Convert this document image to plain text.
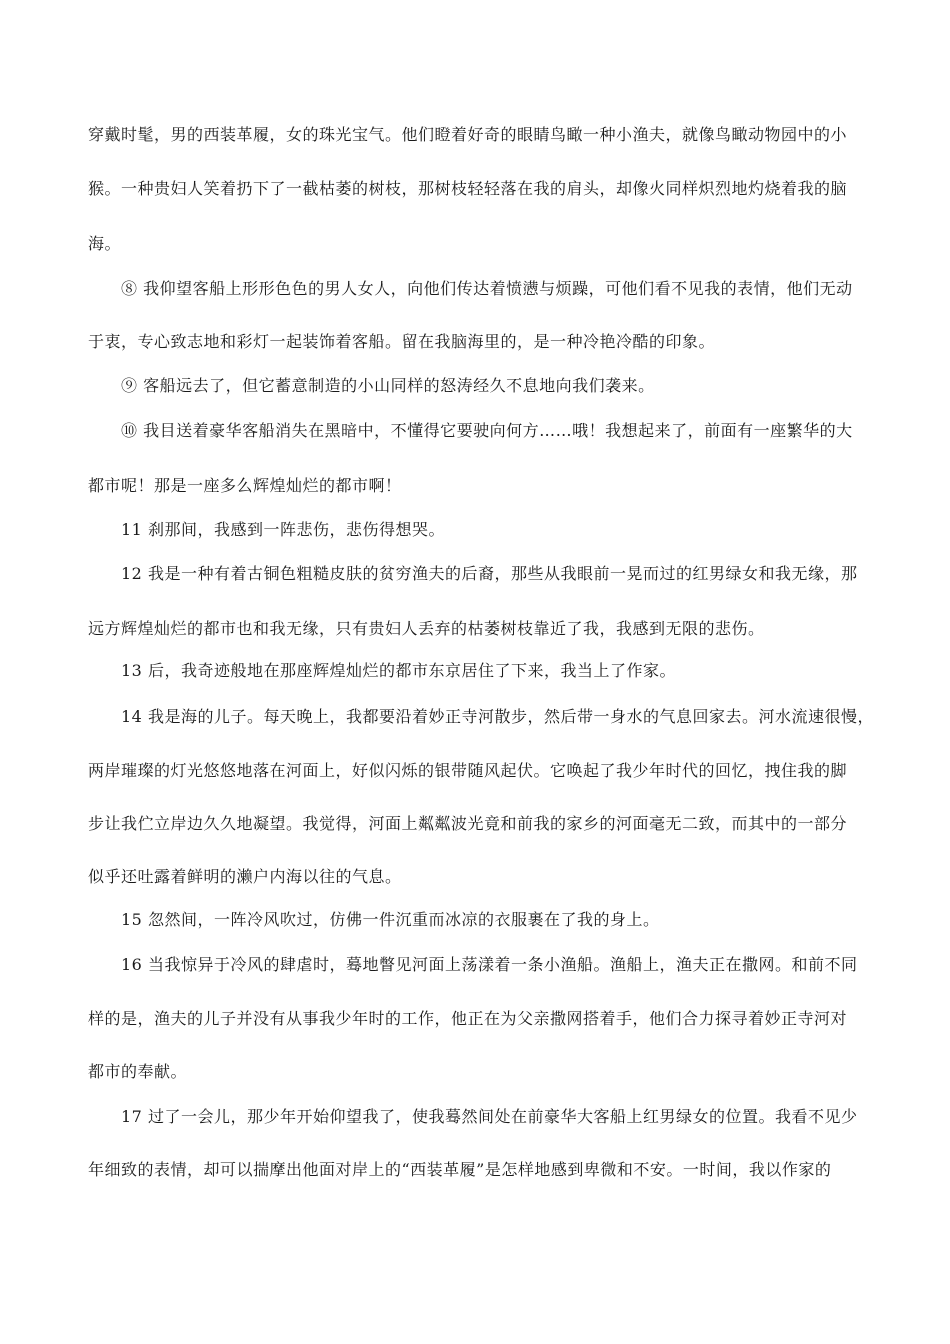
穿戴时髦，男的西装革履，女的珠光宝气。他们瞪着好奇的眼睛鸟瞰一种小渔夫，就像鸟瞰动物园中的小
猴。一种贵妇人笑着扔下了一截枯萎的树枝，那树枝轻轻落在我的肩头，却像火同样炽烈地灼烧着我的脑
海。
⑧ 我仰望客船上形形色色的男人女人，向他们传达着愤懑与烦躁，可他们看不见我的表情，他们无动
于衷，专心致志地和彩灯一起装饰着客船。留在我脑海里的，是一种冷艳冷酷的印象。
⑨ 客船远去了，但它蓄意制造的小山同样的怒涛经久不息地向我们袭来。
⑩ 我目送着豪华客船消失在黑暗中，不懂得它要驶向何方……哦！我想起来了，前面有一座繁华的大
都市呢！那是一座多么辉煌灿烂的都市啊！
11 刹那间，我感到一阵悲伤，悲伤得想哭。
12 我是一种有着古铜色粗糙皮肤的贫穷渔夫的后裔，那些从我眼前一晃而过的红男绿女和我无缘，那
远方辉煌灿烂的都市也和我无缘，只有贵妇人丢弃的枯萎树枝靠近了我，我感到无限的悲伤。
13 后，我奇迹般地在那座辉煌灿烂的都市东京居住了下来，我当上了作家。
14 我是海的儿子。每天晚上，我都要沿着妙正寺河散步，然后带一身水的气息回家去。河水流速很慢，
两岸璀璨的灯光悠悠地落在河面上，好似闪烁的银带随风起伏。它唤起了我少年时代的回忆，拽住我的脚
步让我伫立岸边久久地凝望。我觉得，河面上粼粼波光竟和前我的家乡的河面毫无二致，而其中的一部分
似乎还吐露着鲜明的濑户内海以往的气息。
15 忽然间，一阵冷风吹过，仿佛一件沉重而冰凉的衣服裹在了我的身上。
16 当我惊异于冷风的肆虐时，蓦地瞥见河面上荡漾着一条小渔船。渔船上，渔夫正在撒网。和前不同
样的是，渔夫的儿子并没有从事我少年时的工作，他正在为父亲撒网搭着手，他们合力探寻着妙正寺河对
都市的奉献。
17 过了一会儿，那少年开始仰望我了，使我蓦然间处在前豪华大客船上红男绿女的位置。我看不见少
年细致的表情，却可以揣摩出他面对岸上的“西装革履”是怎样地感到卑微和不安。一时间，我以作家的
